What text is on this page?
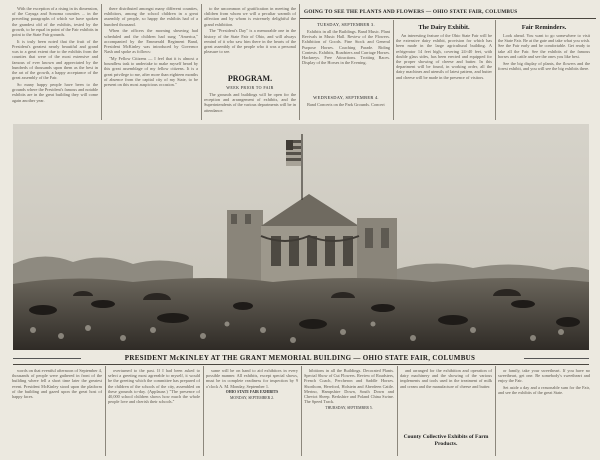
GOING TO SEE THE PLANTS AND FLOWERS — OHIO STATE FAIR, COLUMBUS

With the exception of a rising in its dimension, of the Cayuga and Sonoma counties ... in the preceding paragraphs of which we have spoken the grandest old of the exhibits, tested by the growth, to be equal in point of the Fair exhibits in point to the State Fair grounds.

It is truly been noted that the fruit of the President's greatest nearly beautiful and grand was to a great extent due to the exhibits from the counties that were of the most extensive and famous of ever known and appreciated by the hundreds of thousands upon them as the best in the art of the growth, a happy acceptance of the great assembly of the Fair.

So many happy people have been to the grounds where the President's famous and notable exhibits are in the great building they will come again another year.

there distributed amongst many different counties, exhibitors, among the school children in a great assembly of people, so happy the exhibits had of a hundred thousand.

When the officers the morning sheaving had scheduled and the children had sung "America," accompanied by the Emmerald Regiment Band, President McKinley was introduced by Governor Nash and spoke as follows:

"My Fellow Citizens — I feel that it is almost a boundless task to undertake to make myself heard by this great assemblage of my fellow citizens. It is a great privilege to me, after more than eighteen months of absence from the capital city of my State, to be present on this most auspicious occasion."

to the uncommon of gratification in meeting the children from whom we will a peculiar warmth of affection and by whom is extremely delightful the grand exhibition.

The "President's Day" is a memorable one in the history of the State Fair of Ohio, and will always remind of it who saw him there in the hearts of the great assembly of the people who it was a personal pleasure to see.

PROGRAM.
WEEK PRIOR TO FAIR

The grounds and buildings will be open for the reception and arrangement of exhibits, and the Superintendents of the various departments will be in attendance.

TUESDAY, SEPTEMBER 3.

Exhibits in all the Buildings. Band Music. Plant Revivals in Music Hall. Review of the Flowers. Exhibition of Goods. Fine Stock and General Purpose Horses. Coaching Parade. Riding Contests. Exhibits, Roadsters and Carriage Horses. Hackneys. Free Attractions. Trotting Races. Display of the Horses in the Evening.

WEDNESDAY, SEPTEMBER 4.

Band Concerts on the Park Grounds. Concert

The Dairy Exhibit.

An interesting feature of the Ohio State Fair will be the extensive dairy exhibit, provision for which has been made in the large agricultural building. A refrigerator 14 feet high, covering 24×40 feet, with double glass sides, has been erected and equipped for the proper showing of cheese and butter. In this department will be found, in working order, all the dairy machines and utensils of latest pattern, and butter and cheese will be made in the presence of visitors.

Fair Reminders.

Look ahead. You want to go somewhere to visit the State Fair. Be at the gate and take what you wish. See the Fair early and be comfortable. Get ready to take all the Fair. See the exhibits of the famous horses and cattle and see the ones you like best.

See the big display of plants, the flowers and the forest exhibit, and you will see the big exhibits there.

PRESIDENT McKINLEY AT THE GRANT MEMORIAL BUILDING — OHIO STATE FAIR, COLUMBUS

words on that eventful afternoon of September 4, thousands of people were gathered in front of the building where fell a short time later the greatest event. President McKinley stood upon the platform of the building and gazed upon the great host of happy faces.

overturned to the past. If I had been asked to select a greeting most agreeable to myself, it would be the greeting which the committee has prepared of the children of the schools of the city, assembled on these grounds to-day. (Applause.) "The presence of 40,000 school children shows how much the whole people love and cherish their schools."

sume will be on hand to aid exhibitors in every possible manner. All exhibits, except special shows, must be in complete readiness for inspection by 9 o'clock A. M. Monday, September 1.

OHIO STATE FAIR EXHIBITS
MONDAY, SEPTEMBER 2.

hibitions in all the Buildings. Decorated Plants. Special Show of Cut Flowers. Review of Roadsters, French Coach, Percheron and Saddle Horses. Shorthorn, Hereford, Holstein and Aberdeen Cattle. Merino, Hampshire Down, South Down and Cheviot Sheep. Berkshire and Poland China Swine. The Speed Track.

THURSDAY, SEPTEMBER 5.

and arranged for the exhibition and operation of dairy machinery and the showing of the various implements and tools used in the treatment of milk and cream and the manufacture of cheese and butter.

County Collective Exhibits of Farm Products.

or family, take your sweetheart. If you have no sweetheart, get one. Be somebody's sweetheart and enjoy the Fair.

Set aside a day and a reasonable sum for the Fair, and see the exhibits of the great State.
